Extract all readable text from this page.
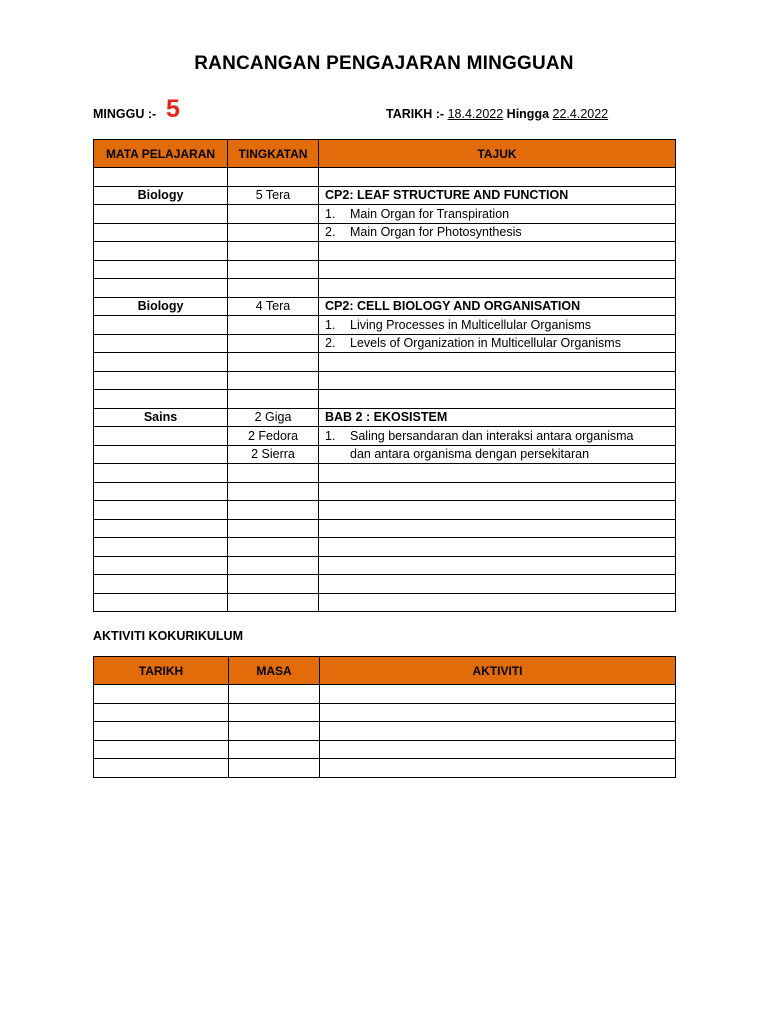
RANCANGAN PENGAJARAN MINGGUAN
MINGGU :- 5	TARIKH :- 18.4.2022 Hingga 22.4.2022
MATA PELAJARAN	TINGKATAN	TAJUK

Biology	5 Tera	CP2: LEAF STRUCTURE AND FUNCTION
		1. Main Organ for Transpiration
		2. Main Organ for Photosynthesis

Biology	4 Tera	CP2: CELL BIOLOGY AND ORGANISATION
		1. Living Processes in Multicellular Organisms
		2. Levels of Organization in Multicellular Organisms

Sains	2 Giga	BAB 2 : EKOSISTEM
	2 Fedora	1. Saling bersandaran dan interaksi antara organisma
	2 Sierra	dan antara organisma dengan persekitaran

AKTIVITI KOKURIKULUM
TARIKH	MASA	AKTIVITI
